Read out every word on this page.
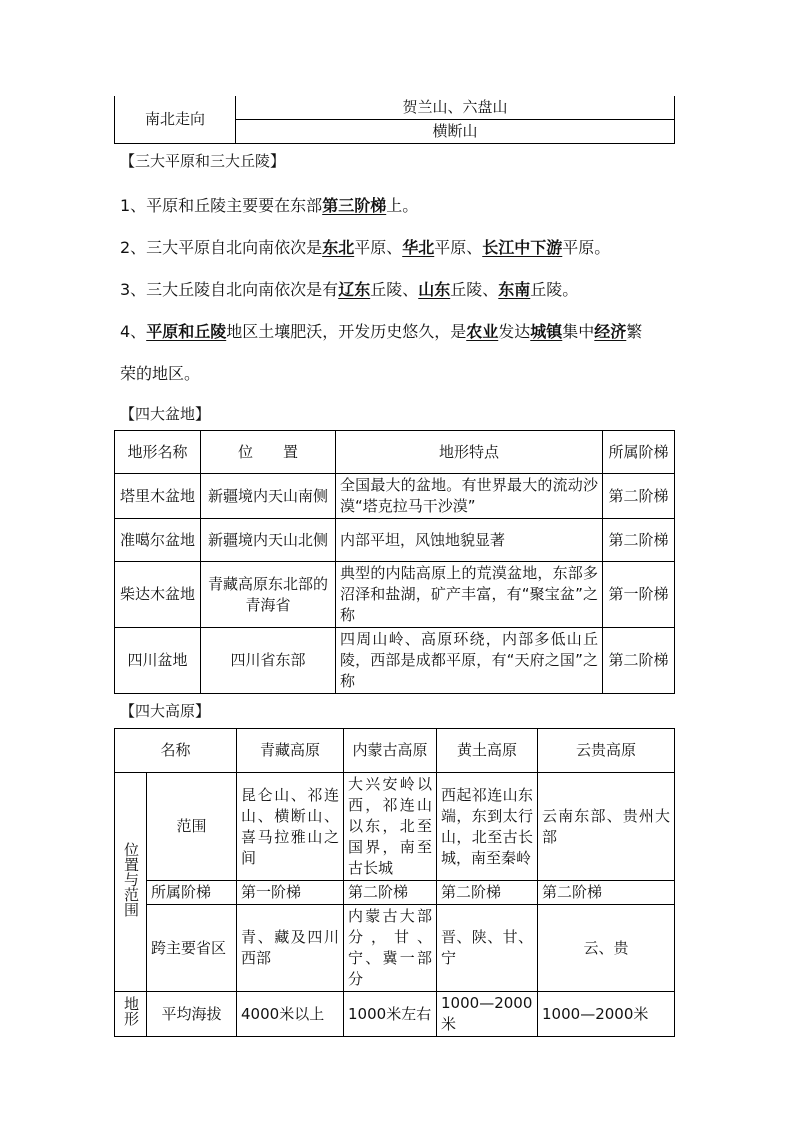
南北走向	贺兰山、六盘山
横断山
【三大平原和三大丘陵】
1、平原和丘陵主要要在东部第三阶梯上。
2、三大平原自北向南依次是东北平原、华北平原、长江中下游平原。
3、三大丘陵自北向南依次是有辽东丘陵、山东丘陵、东南丘陵。
4、平原和丘陵地区土壤肥沃，开发历史悠久，是农业发达城镇集中经济繁
荣的地区。
【四大盆地】
地形名称	位　　置	地形特点	所属阶梯
塔里木盆地	新疆境内天山南侧	全国最大的盆地。有世界最大的流动沙漠“塔克拉马干沙漠”	第二阶梯
准噶尔盆地	新疆境内天山北侧	内部平坦，风蚀地貌显著	第二阶梯
柴达木盆地	青藏高原东北部的青海省	典型的内陆高原上的荒漠盆地，东部多沼泽和盐湖，矿产丰富，有“聚宝盆”之称	第一阶梯
四川盆地	四川省东部	四周山岭、高原环绕，内部多低山丘陵，西部是成都平原，有“天府之国”之称	第二阶梯
【四大高原】
名称		青藏高原	内蒙古高原	黄土高原	云贵高原
位置与范围	范围	昆仑山、祁连山、横断山、喜马拉雅山之间	大兴安岭以西，祁连山以东，北至国界，南至古长城	西起祁连山东端，东到太行山，北至古长城，南至秦岭	云南东部、贵州大部
	所属阶梯	第一阶梯	第二阶梯	第二阶梯	第二阶梯
	跨主要省区	青、藏及四川西部	内蒙古大部分，甘、宁、冀一部分	晋、陕、甘、宁	云、贵
地形	平均海拔	4000米以上	1000米左右	1000—2000米	1000—2000米
